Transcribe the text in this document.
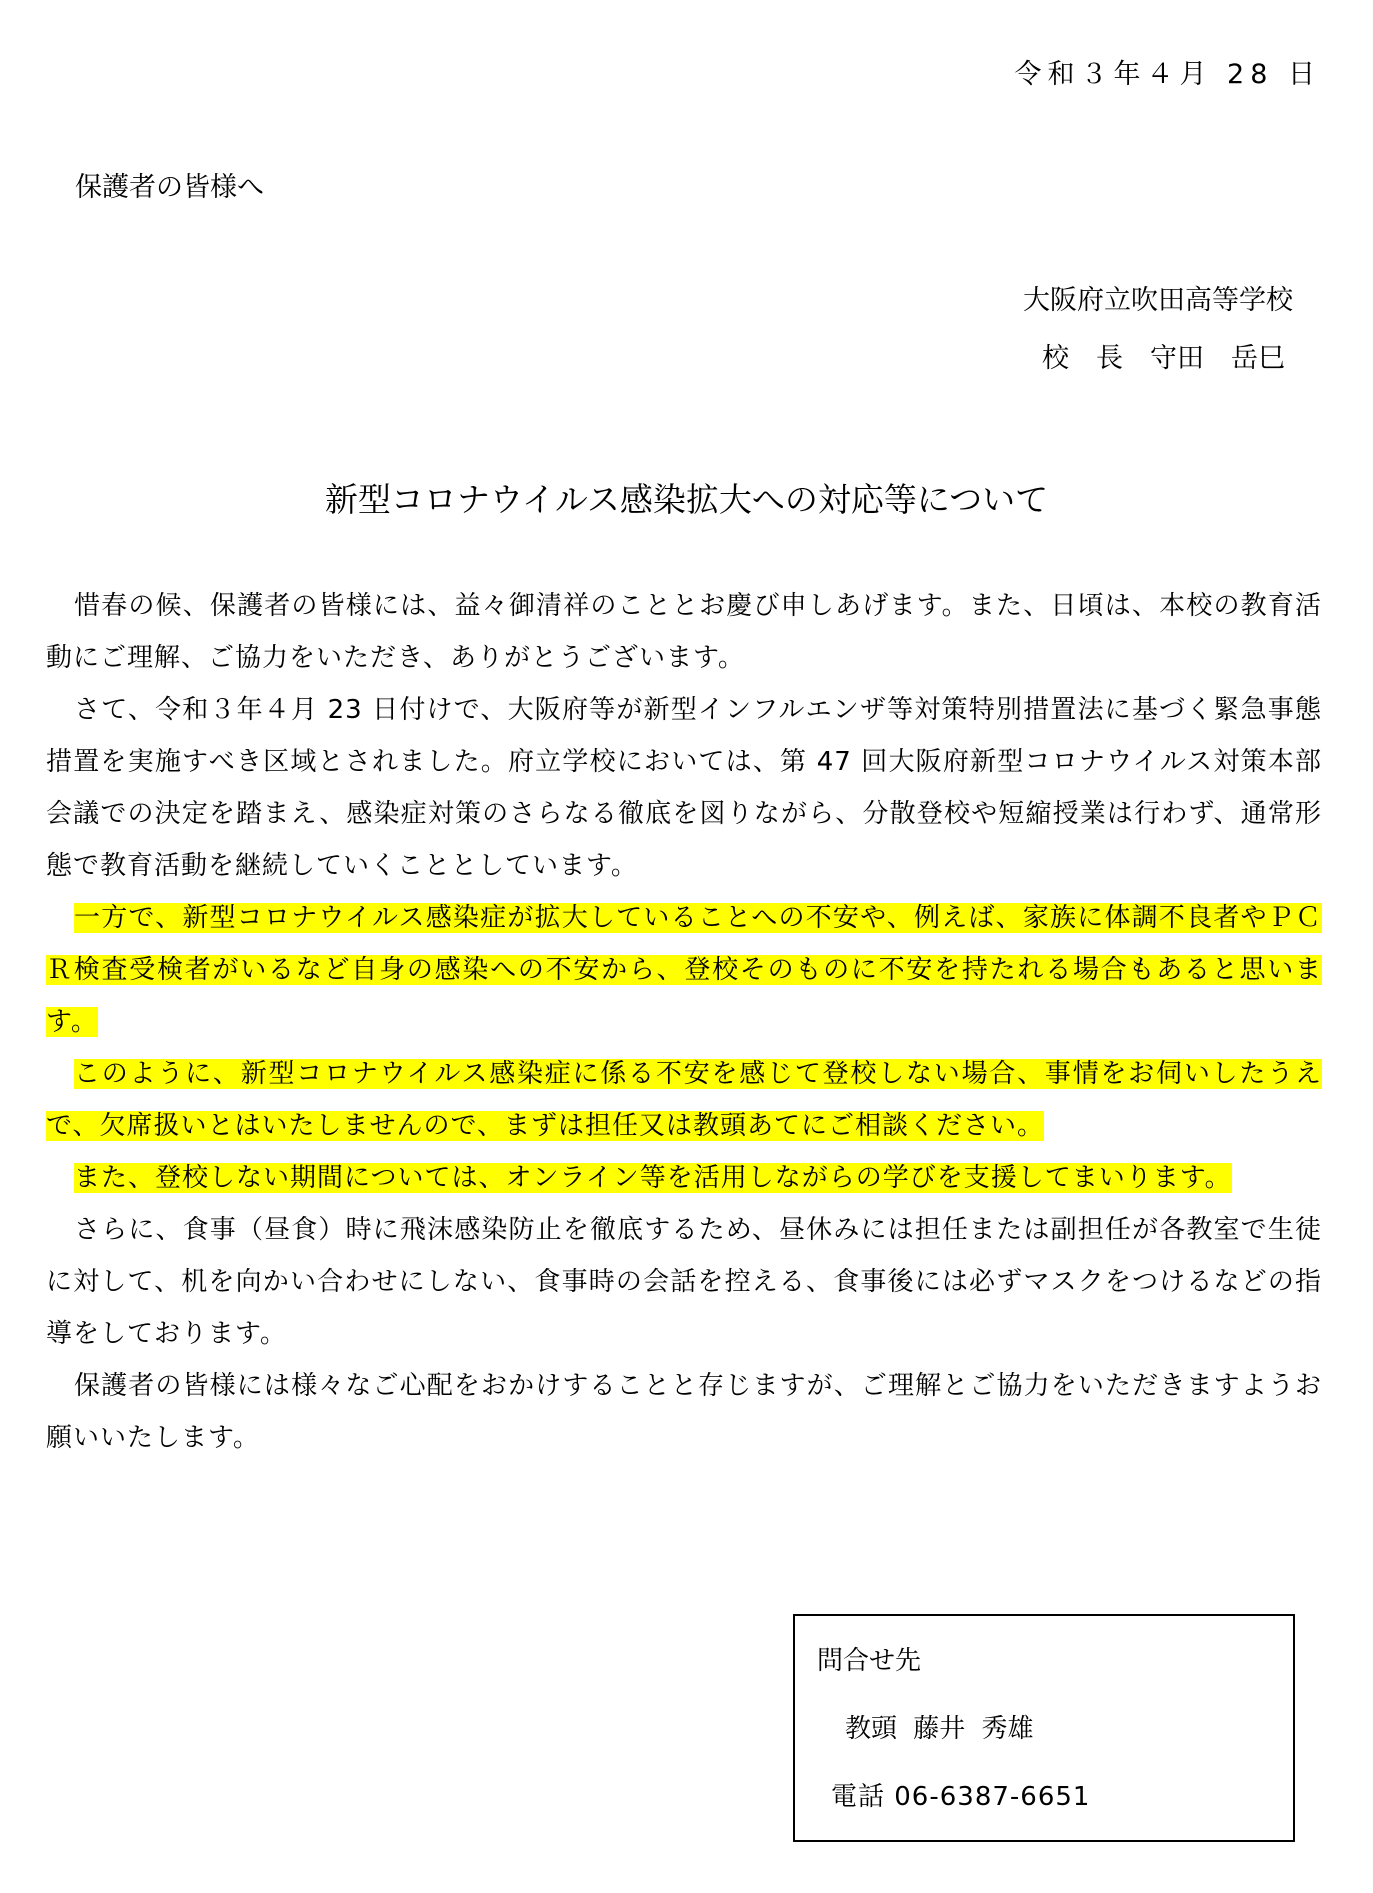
令和３年４月 28 日
保護者の皆様へ
大阪府立吹田高等学校
校　長　守田　岳巳
新型コロナウイルス感染拡大への対応等について

惜春の候、保護者の皆様には、益々御清祥のこととお慶び申しあげます。また、日頃は、本校の教育活動にご理解、ご協力をいただき、ありがとうございます。

さて、令和３年４月 23 日付けで、大阪府等が新型インフルエンザ等対策特別措置法に基づく緊急事態措置を実施すべき区域とされました。府立学校においては、第 47 回大阪府新型コロナウイルス対策本部会議での決定を踏まえ、感染症対策のさらなる徹底を図りながら、分散登校や短縮授業は行わず、通常形態で教育活動を継続していくこととしています。

一方で、新型コロナウイルス感染症が拡大していることへの不安や、例えば、家族に体調不良者やＰＣＲ検査受検者がいるなど自身の感染への不安から、登校そのものに不安を持たれる場合もあると思います。

このように、新型コロナウイルス感染症に係る不安を感じて登校しない場合、事情をお伺いしたうえで、欠席扱いとはいたしませんので、まずは担任又は教頭あてにご相談ください。

また、登校しない期間については、オンライン等を活用しながらの学びを支援してまいります。

さらに、食事（昼食）時に飛沫感染防止を徹底するため、昼休みには担任または副担任が各教室で生徒に対して、机を向かい合わせにしない、食事時の会話を控える、食事後には必ずマスクをつけるなどの指導をしております。

保護者の皆様には様々なご心配をおかけすることと存じますが、ご理解とご協力をいただきますようお願いいたします。

問合せ先
教頭 藤井 秀雄
電話 06-6387-6651
